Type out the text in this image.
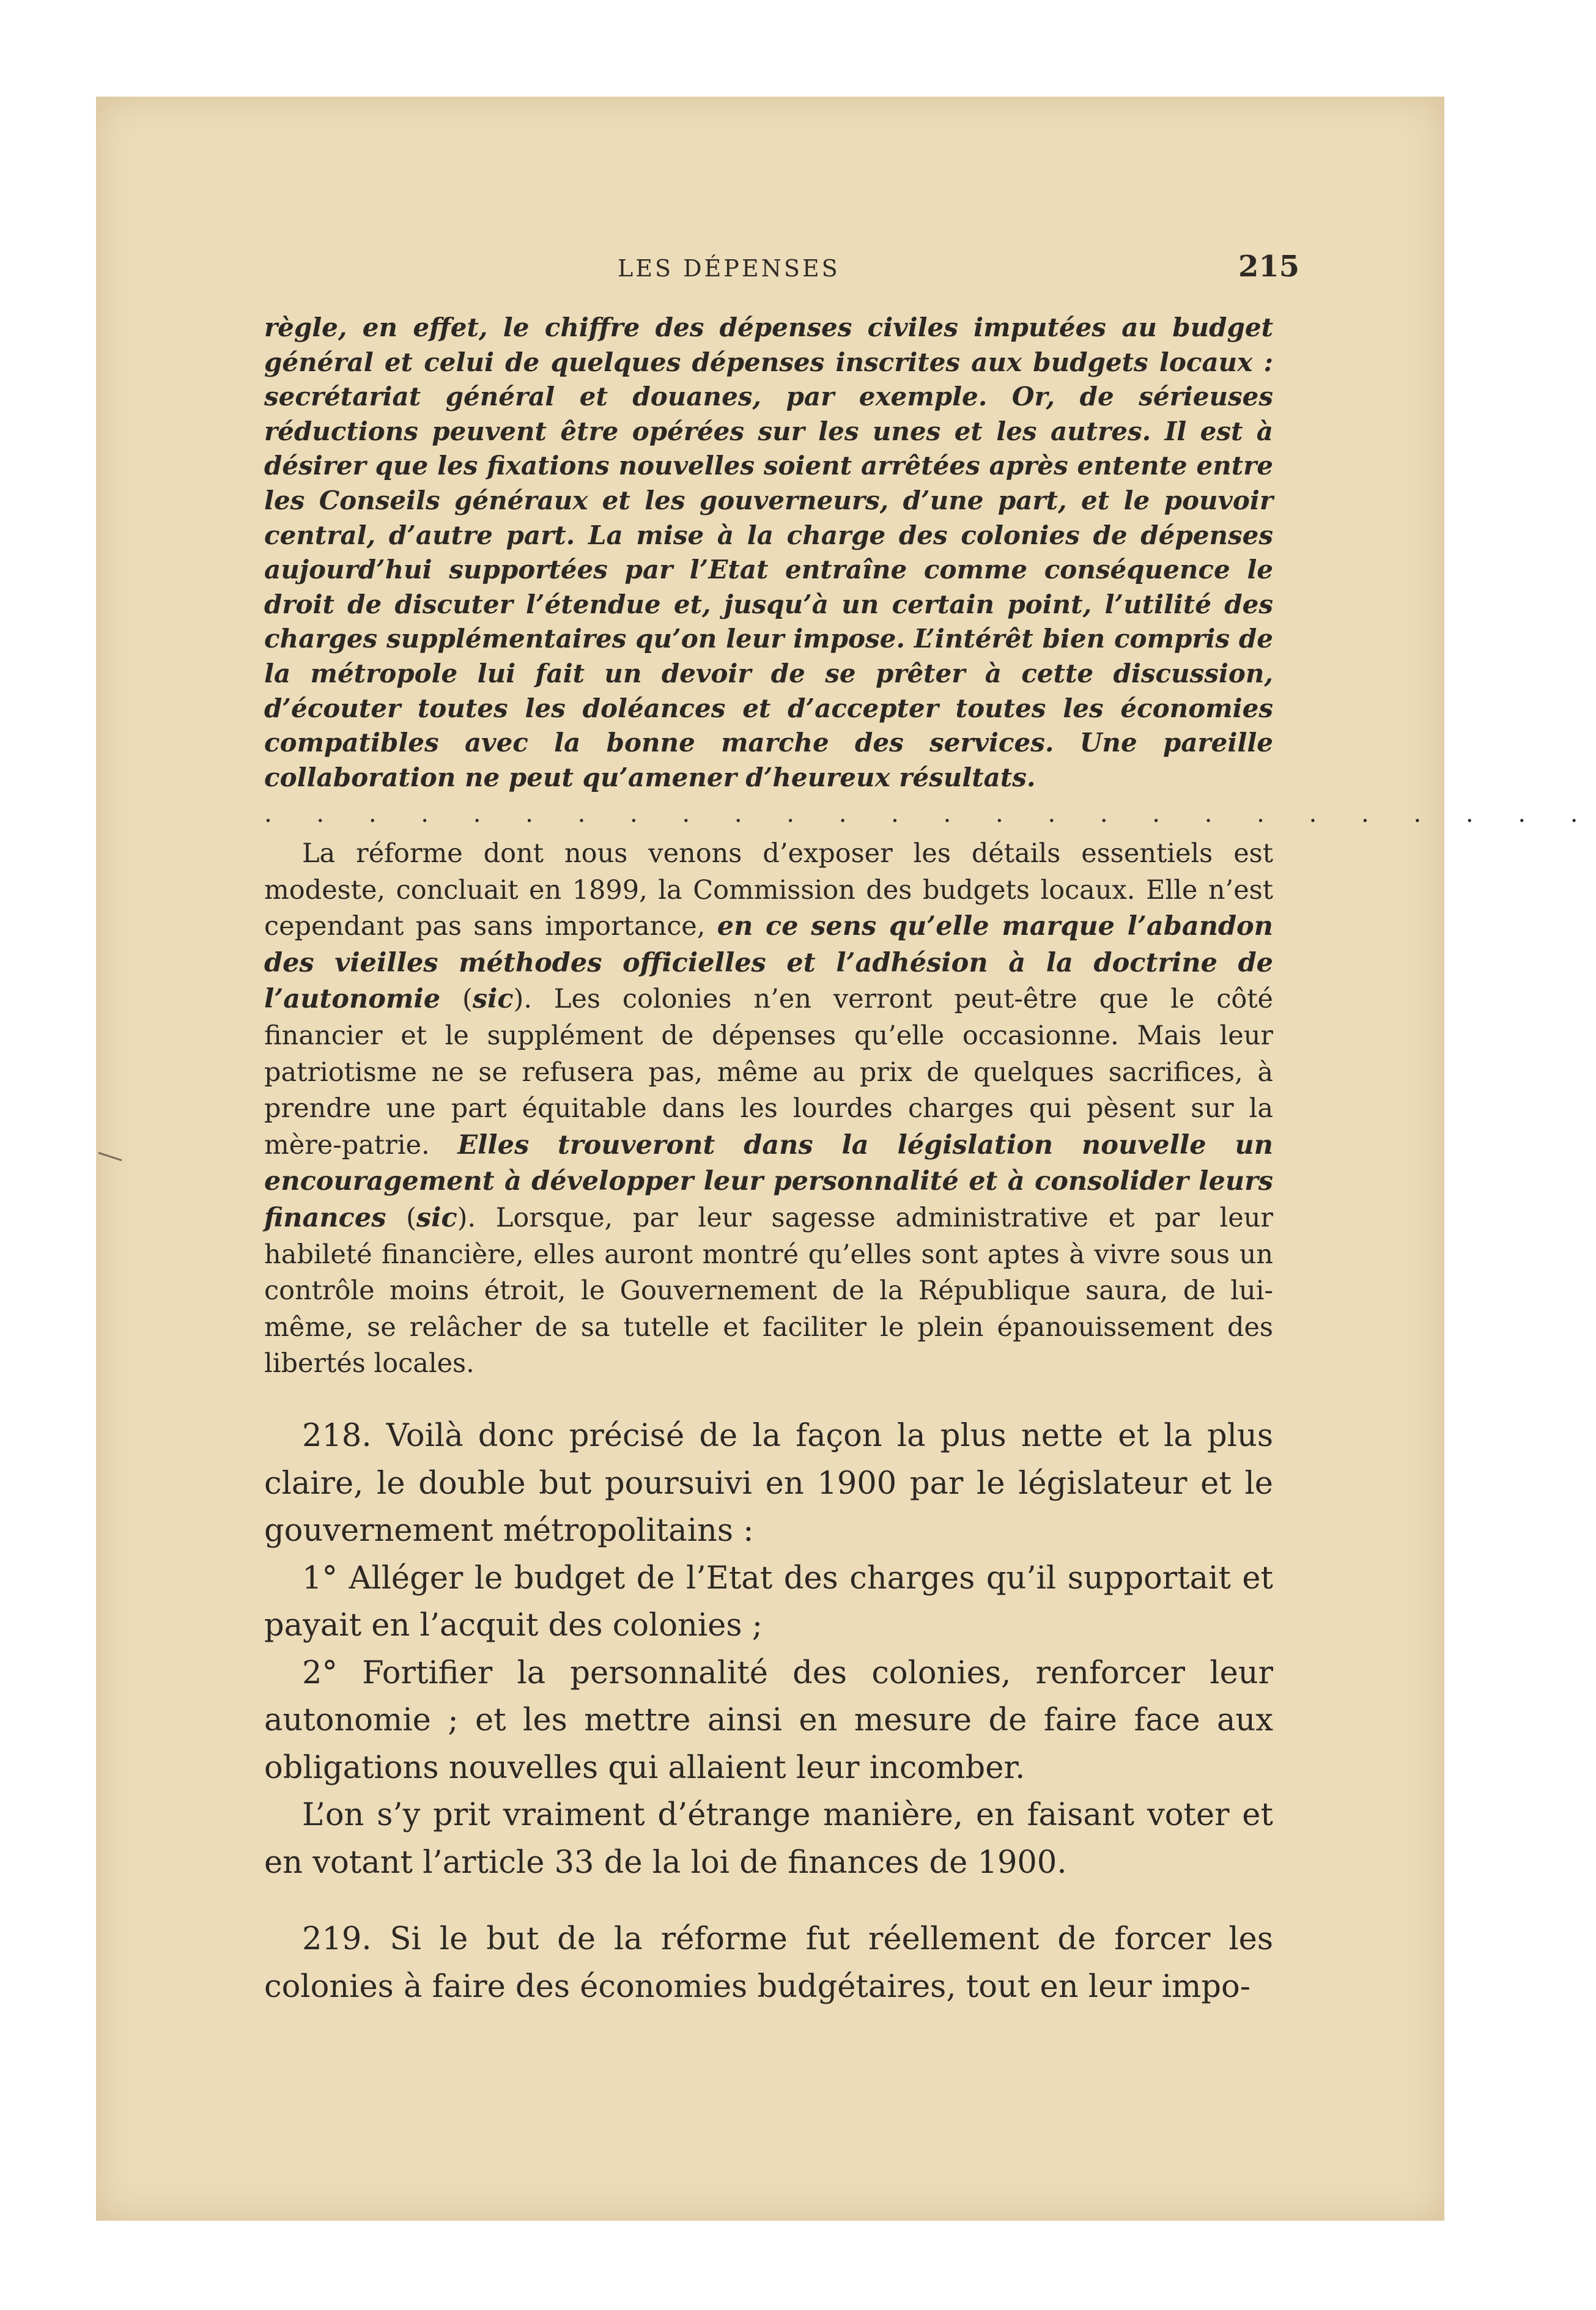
LES DÉPENSES	215
règle, en effet, le chiffre des dépenses civiles imputées au budget général et celui de quelques dépenses inscrites aux budgets locaux : secrétariat général et douanes, par exemple. Or, de sérieuses réductions peuvent être opérées sur les unes et les autres. Il est à désirer que les fixations nouvelles soient arrêtées après entente entre les Conseils généraux et les gouverneurs, d’une part, et le pouvoir central, d’autre part. La mise à la charge des colonies de dépenses aujourd’hui supportées par l’Etat entraîne comme conséquence le droit de discuter l’étendue et, jusqu’à un certain point, l’utilité des charges supplémentaires qu’on leur impose. L’intérêt bien compris de la métropole lui fait un devoir de se prêter à cette discussion, d’écouter toutes les doléances et d’accepter toutes les économies compatibles avec la bonne marche des services. Une pareille collaboration ne peut qu’amener d’heureux résultats.
. . . . . . . . . . . . . . . . . . . . . . . . . .

La réforme dont nous venons d’exposer les détails essentiels est modeste, concluait en 1899, la Commission des budgets locaux. Elle n’est cependant pas sans importance, en ce sens qu’elle marque l’abandon des vieilles méthodes officielles et l’adhésion à la doctrine de l’autonomie (sic). Les colonies n’en verront peut-être que le côté financier et le supplément de dépenses qu’elle occasionne. Mais leur patriotisme ne se refusera pas, même au prix de quelques sacrifices, à prendre une part équitable dans les lourdes charges qui pèsent sur la mère-patrie. Elles trouveront dans la législation nouvelle un encouragement à développer leur personnalité et à consolider leurs finances (sic). Lorsque, par leur sagesse administrative et par leur habileté financière, elles auront montré qu’elles sont aptes à vivre sous un contrôle moins étroit, le Gouvernement de la République saura, de lui-même, se relâcher de sa tutelle et faciliter le plein épanouissement des libertés locales.

218. Voilà donc précisé de la façon la plus nette et la plus claire, le double but poursuivi en 1900 par le législateur et le gouvernement métropolitains :

1° Alléger le budget de l’Etat des charges qu’il supportait et payait en l’acquit des colonies ;

2° Fortifier la personnalité des colonies, renforcer leur autonomie ; et les mettre ainsi en mesure de faire face aux obligations nouvelles qui allaient leur incomber.

L’on s’y prit vraiment d’étrange manière, en faisant voter et en votant l’article 33 de la loi de finances de 1900.

219. Si le but de la réforme fut réellement de forcer les colonies à faire des économies budgétaires, tout en leur impo-
